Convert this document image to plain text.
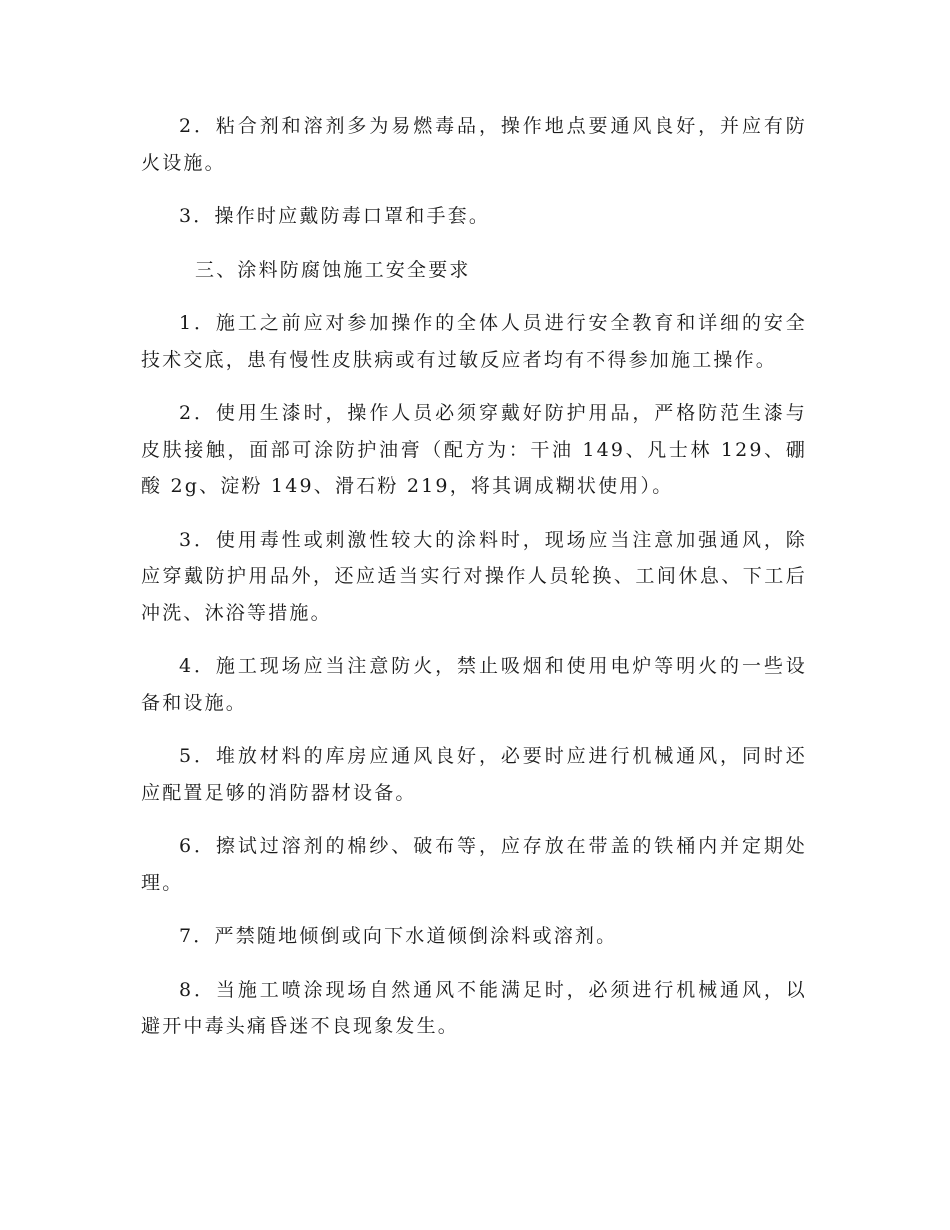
2．粘合剂和溶剂多为易燃毒品，操作地点要通风良好，并应有防火设施。

3．操作时应戴防毒口罩和手套。

三、涂料防腐蚀施工安全要求

1．施工之前应对参加操作的全体人员进行安全教育和详细的安全技术交底，患有慢性皮肤病或有过敏反应者均有不得参加施工操作。

2．使用生漆时，操作人员必须穿戴好防护用品，严格防范生漆与皮肤接触，面部可涂防护油膏（配方为：干油 149、凡士林 129、硼酸 2g、淀粉 149、滑石粉 219，将其调成糊状使用）。

3．使用毒性或刺激性较大的涂料时，现场应当注意加强通风，除应穿戴防护用品外，还应适当实行对操作人员轮换、工间休息、下工后冲洗、沐浴等措施。

4．施工现场应当注意防火，禁止吸烟和使用电炉等明火的一些设备和设施。

5．堆放材料的库房应通风良好，必要时应进行机械通风，同时还应配置足够的消防器材设备。

6．擦试过溶剂的棉纱、破布等，应存放在带盖的铁桶内并定期处理。

7．严禁随地倾倒或向下水道倾倒涂料或溶剂。

8．当施工喷涂现场自然通风不能满足时，必须进行机械通风，以避开中毒头痛昏迷不良现象发生。
